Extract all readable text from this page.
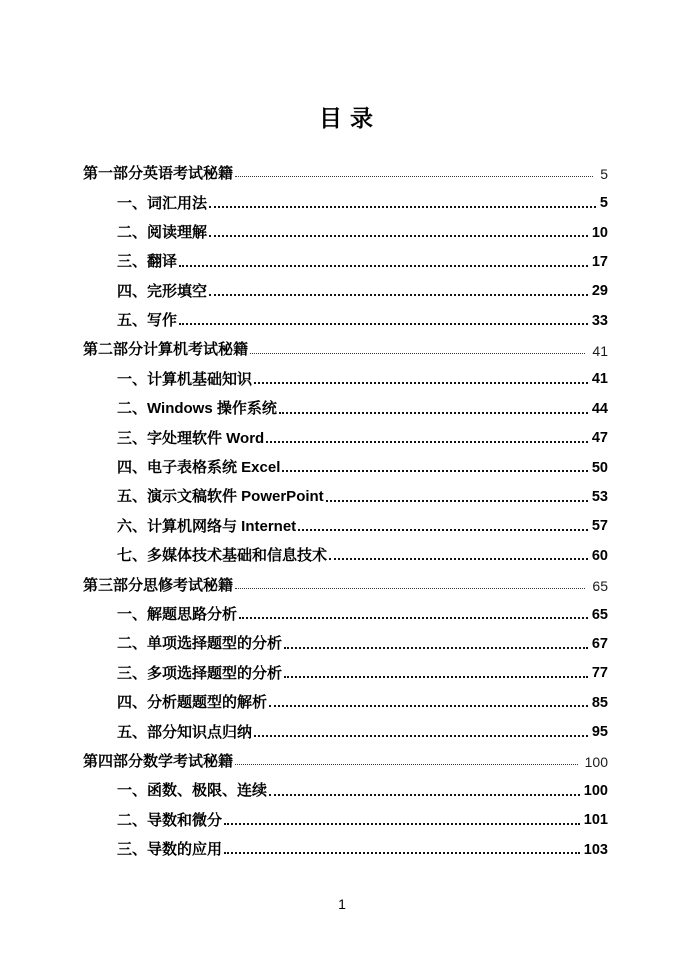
目录
第一部分英语考试秘籍	5
一、词汇用法	5
二、阅读理解	10
三、翻译	17
四、完形填空	29
五、写作	33
第二部分计算机考试秘籍	41
一、计算机基础知识	41
二、Windows 操作系统	44
三、字处理软件 Word	47
四、电子表格系统 Excel	50
五、演示文稿软件 PowerPoint	53
六、计算机网络与 Internet	57
七、多媒体技术基础和信息技术	60
第三部分思修考试秘籍	65
一、解题思路分析	65
二、单项选择题型的分析	67
三、多项选择题型的分析	77
四、分析题题型的解析	85
五、部分知识点归纳	95
第四部分数学考试秘籍	100
一、函数、极限、连续	100
二、导数和微分	101
三、导数的应用	103
1
